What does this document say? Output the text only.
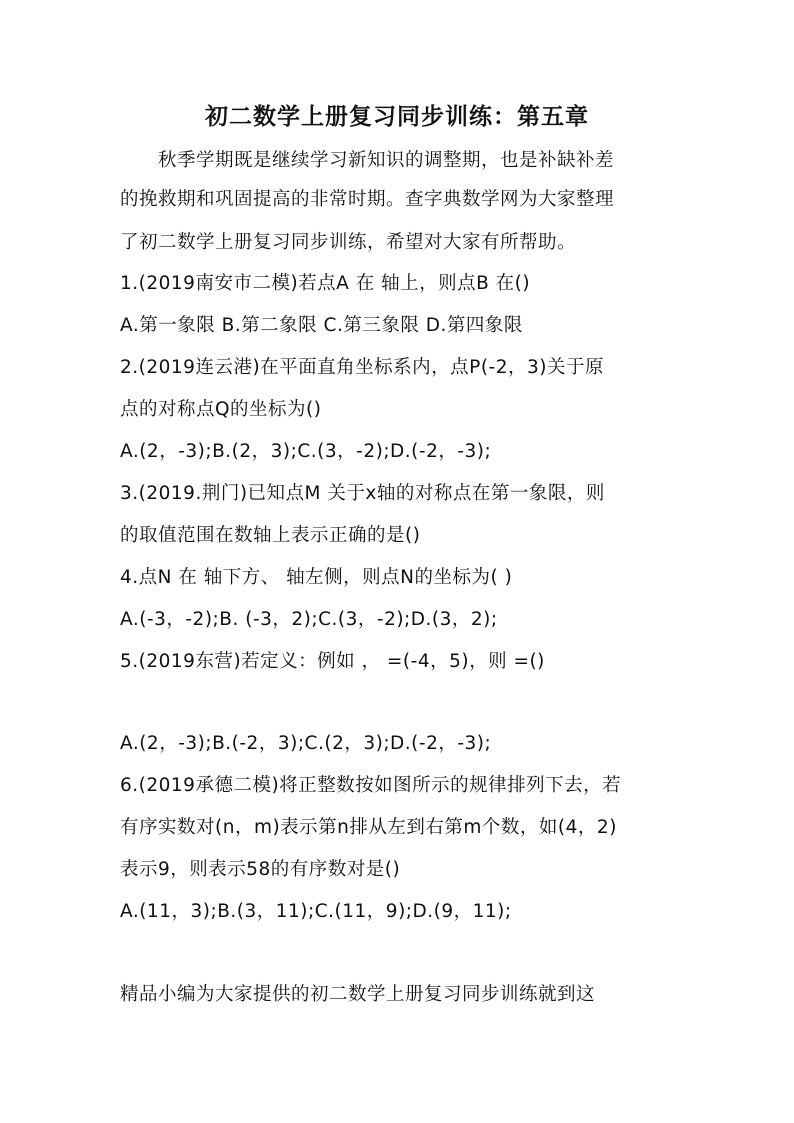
初二数学上册复习同步训练：第五章

秋季学期既是继续学习新知识的调整期，也是补缺补差

的挽救期和巩固提高的非常时期。查字典数学网为大家整理

了初二数学上册复习同步训练，希望对大家有所帮助。

1.(2019南安市二模)若点A 在 轴上，则点B 在()

A.第一象限 B.第二象限 C.第三象限 D.第四象限

2.(2019连云港)在平面直角坐标系内，点P(-2，3)关于原

点的对称点Q的坐标为()

A.(2，-3);B.(2，3);C.(3，-2);D.(-2，-3);

3.(2019.荆门)已知点M 关于x轴的对称点在第一象限，则

的取值范围在数轴上表示正确的是()

4.点N 在 轴下方、 轴左侧，则点N的坐标为( )

A.(-3，-2);B. (-3，2);C.(3，-2);D.(3，2);

5.(2019东营)若定义：例如 ， =(-4，5)，则 =()

A.(2，-3);B.(-2，3);C.(2，3);D.(-2，-3);

6.(2019承德二模)将正整数按如图所示的规律排列下去，若

有序实数对(n，m)表示第n排从左到右第m个数，如(4，2)

表示9，则表示58的有序数对是()

A.(11，3);B.(3，11);C.(11，9);D.(9，11);

精品小编为大家提供的初二数学上册复习同步训练就到这
